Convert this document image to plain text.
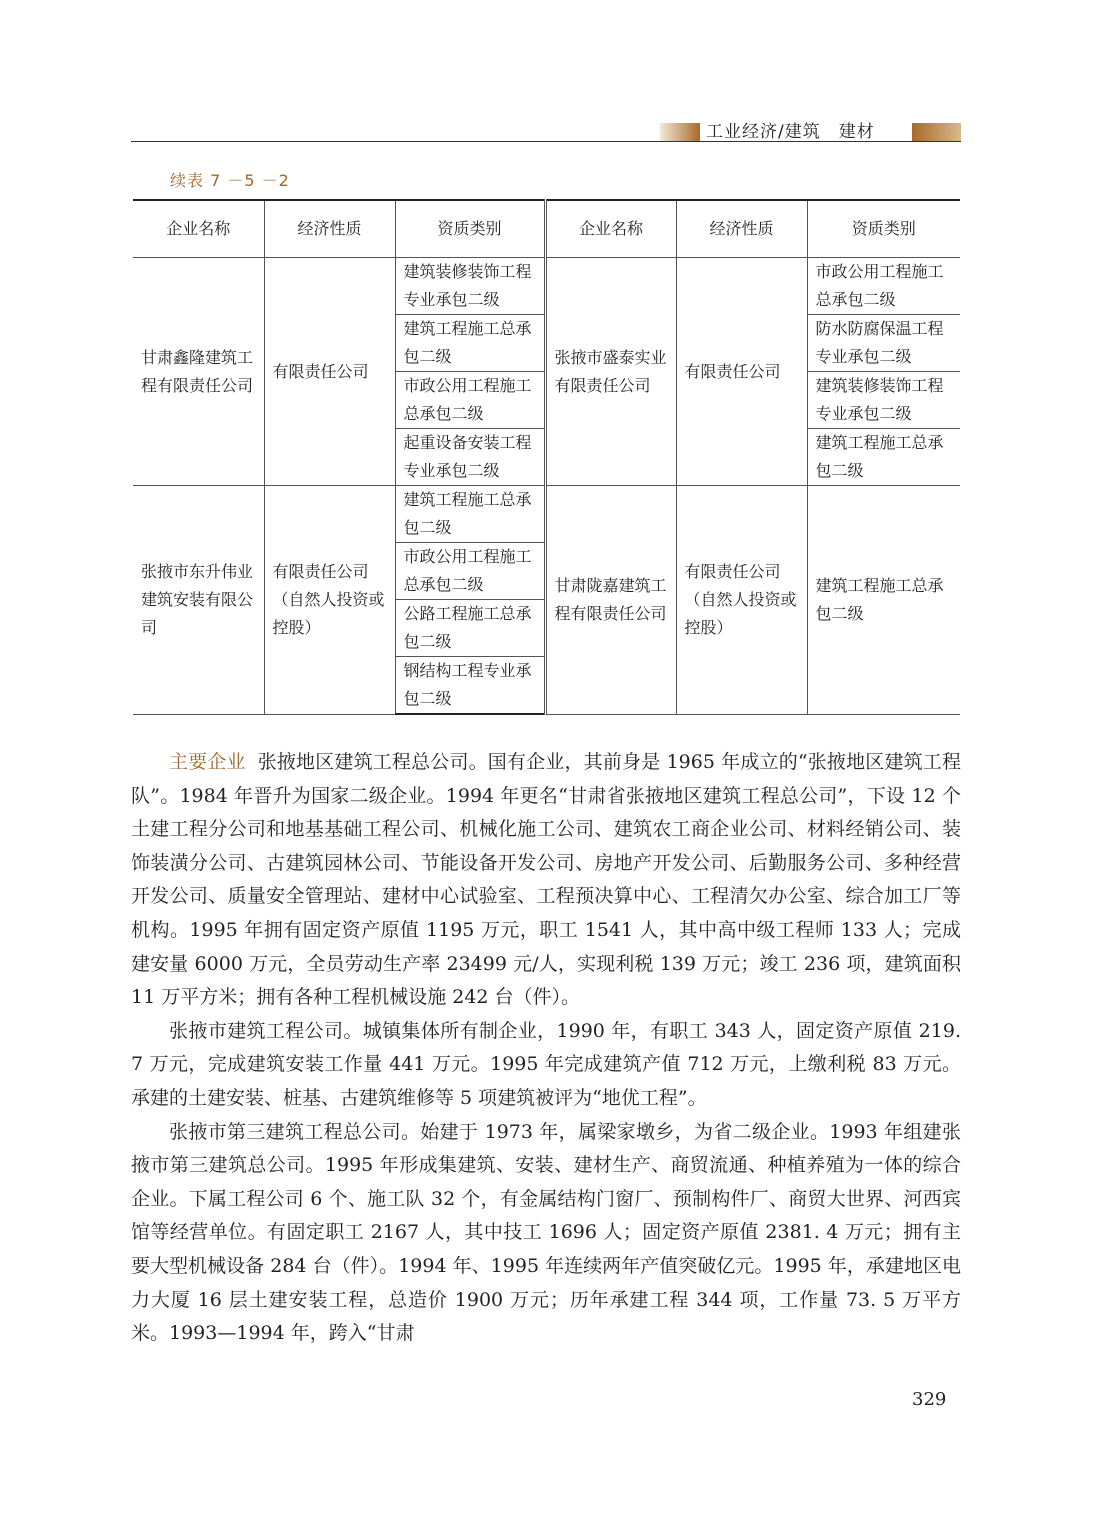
工业经济/建筑　建材
续表 7 －5 －2
企业名称	经济性质	资质类别	企业名称	经济性质	资质类别
甘肃鑫隆建筑工程有限责任公司	有限责任公司	建筑装修装饰工程专业承包二级	张掖市盛泰实业有限责任公司	有限责任公司	市政公用工程施工总承包二级
		建筑工程施工总承包二级			防水防腐保温工程专业承包二级
		市政公用工程施工总承包二级			建筑装修装饰工程专业承包二级
		起重设备安装工程专业承包二级			建筑工程施工总承包二级
张掖市东升伟业建筑安装有限公司	有限责任公司（自然人投资或控股）	建筑工程施工总承包二级	甘肃陇嘉建筑工程有限责任公司	有限责任公司（自然人投资或控股）	建筑工程施工总承包二级
		市政公用工程施工总承包二级			
		公路工程施工总承包二级			
		钢结构工程专业承包二级			

主要企业 张掖地区建筑工程总公司。国有企业，其前身是 1965 年成立的“张掖地区建筑工程队”。1984 年晋升为国家二级企业。1994 年更名“甘肃省张掖地区建筑工程总公司”，下设 12 个土建工程分公司和地基基础工程公司、机械化施工公司、建筑农工商企业公司、材料经销公司、装饰装潢分公司、古建筑园林公司、节能设备开发公司、房地产开发公司、后勤服务公司、多种经营开发公司、质量安全管理站、建材中心试验室、工程预决算中心、工程清欠办公室、综合加工厂等机构。1995 年拥有固定资产原值 1195 万元，职工 1541 人，其中高中级工程师 133 人；完成建安量 6000 万元，全员劳动生产率 23499 元/人，实现利税 139 万元；竣工 236 项，建筑面积 11 万平方米；拥有各种工程机械设施 242 台（件）。

张掖市建筑工程公司。城镇集体所有制企业，1990 年，有职工 343 人，固定资产原值 219. 7 万元，完成建筑安装工作量 441 万元。1995 年完成建筑产值 712 万元，上缴利税 83 万元。承建的土建安装、桩基、古建筑维修等 5 项建筑被评为“地优工程”。

张掖市第三建筑工程总公司。始建于 1973 年，属梁家墩乡，为省二级企业。1993 年组建张掖市第三建筑总公司。1995 年形成集建筑、安装、建材生产、商贸流通、种植养殖为一体的综合企业。下属工程公司 6 个、施工队 32 个，有金属结构门窗厂、预制构件厂、商贸大世界、河西宾馆等经营单位。有固定职工 2167 人，其中技工 1696 人；固定资产原值 2381. 4 万元；拥有主要大型机械设备 284 台（件）。1994 年、1995 年连续两年产值突破亿元。1995 年，承建地区电力大厦 16 层土建安装工程，总造价 1900 万元；历年承建工程 344 项，工作量 73. 5 万平方米。1993—1994 年，跨入“甘肃

329
